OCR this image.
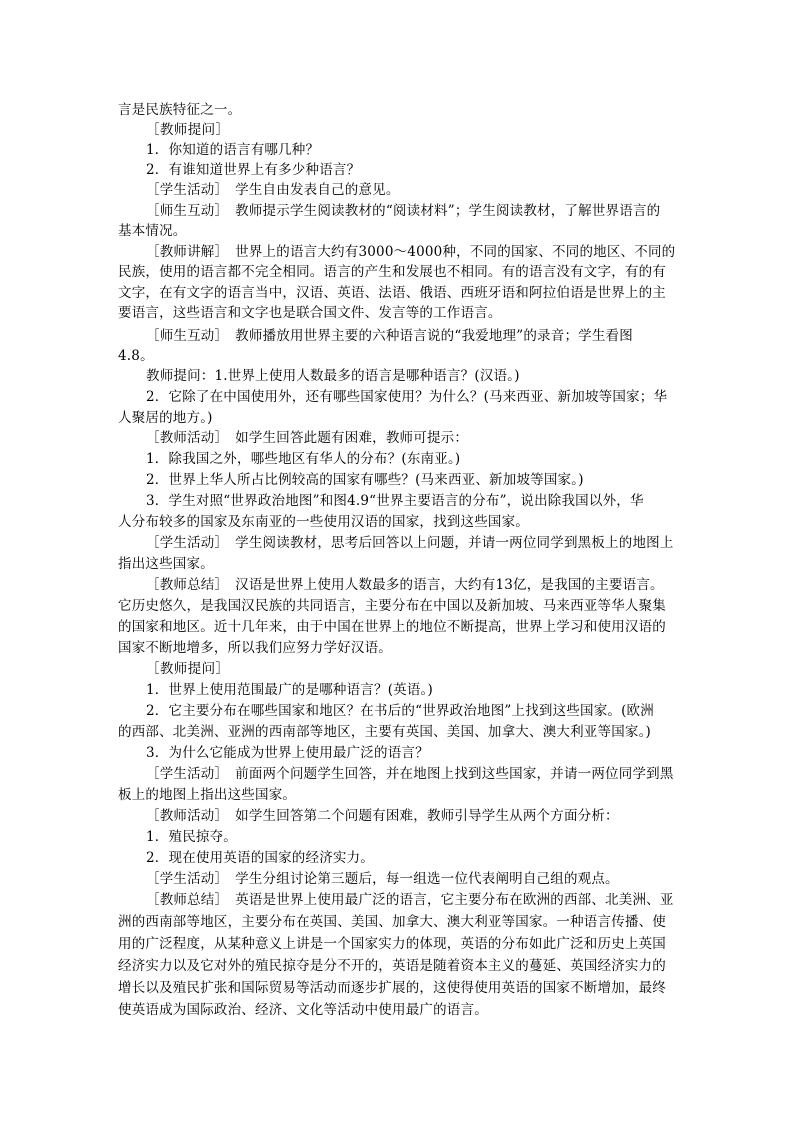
言是民族特征之一。
［教师提问］
1．你知道的语言有哪几种？
2．有谁知道世界上有多少种语言？
［学生活动］　学生自由发表自己的意见。
［师生互动］　教师提示学生阅读教材的“阅读材料”；学生阅读教材，了解世界语言的
基本情况。
［教师讲解］　世界上的语言大约有3000～4000种，不同的国家、不同的地区、不同的
民族，使用的语言都不完全相同。语言的产生和发展也不相同。有的语言没有文字，有的有
文字，在有文字的语言当中，汉语、英语、法语、俄语、西班牙语和阿拉伯语是世界上的主
要语言，这些语言和文字也是联合国文件、发言等的工作语言。
［师生互动］　教师播放用世界主要的六种语言说的“我爱地理”的录音；学生看图
4.8。
教师提问：1.世界上使用人数最多的语言是哪种语言？(汉语。)
2．它除了在中国使用外，还有哪些国家使用？为什么？(马来西亚、新加坡等国家；华
人聚居的地方。)
［教师活动］　如学生回答此题有困难，教师可提示：
1．除我国之外，哪些地区有华人的分布？(东南亚。)
2．世界上华人所占比例较高的国家有哪些？(马来西亚、新加坡等国家。)
3．学生对照“世界政治地图”和图4.9“世界主要语言的分布”，说出除我国以外，华
人分布较多的国家及东南亚的一些使用汉语的国家，找到这些国家。
［学生活动］　学生阅读教材，思考后回答以上问题，并请一两位同学到黑板上的地图上
指出这些国家。
［教师总结］　汉语是世界上使用人数最多的语言，大约有13亿，是我国的主要语言。
它历史悠久，是我国汉民族的共同语言，主要分布在中国以及新加坡、马来西亚等华人聚集
的国家和地区。近十几年来，由于中国在世界上的地位不断提高，世界上学习和使用汉语的
国家不断地增多，所以我们应努力学好汉语。
［教师提问］
1．世界上使用范围最广的是哪种语言？(英语。)
2．它主要分布在哪些国家和地区？在书后的“世界政治地图”上找到这些国家。(欧洲
的西部、北美洲、亚洲的西南部等地区，主要有英国、美国、加拿大、澳大利亚等国家。)
3．为什么它能成为世界上使用最广泛的语言？
［学生活动］　前面两个问题学生回答，并在地图上找到这些国家，并请一两位同学到黑
板上的地图上指出这些国家。
［教师活动］　如学生回答第二个问题有困难，教师引导学生从两个方面分析：
1．殖民掠夺。
2．现在使用英语的国家的经济实力。
［学生活动］　学生分组讨论第三题后，每一组选一位代表阐明自己组的观点。
［教师总结］　英语是世界上使用最广泛的语言，它主要分布在欧洲的西部、北美洲、亚
洲的西南部等地区，主要分布在英国、美国、加拿大、澳大利亚等国家。一种语言传播、使
用的广泛程度，从某种意义上讲是一个国家实力的体现，英语的分布如此广泛和历史上英国
经济实力以及它对外的殖民掠夺是分不开的，英语是随着资本主义的蔓延、英国经济实力的
增长以及殖民扩张和国际贸易等活动而逐步扩展的，这使得使用英语的国家不断增加，最终
使英语成为国际政治、经济、文化等活动中使用最广的语言。
